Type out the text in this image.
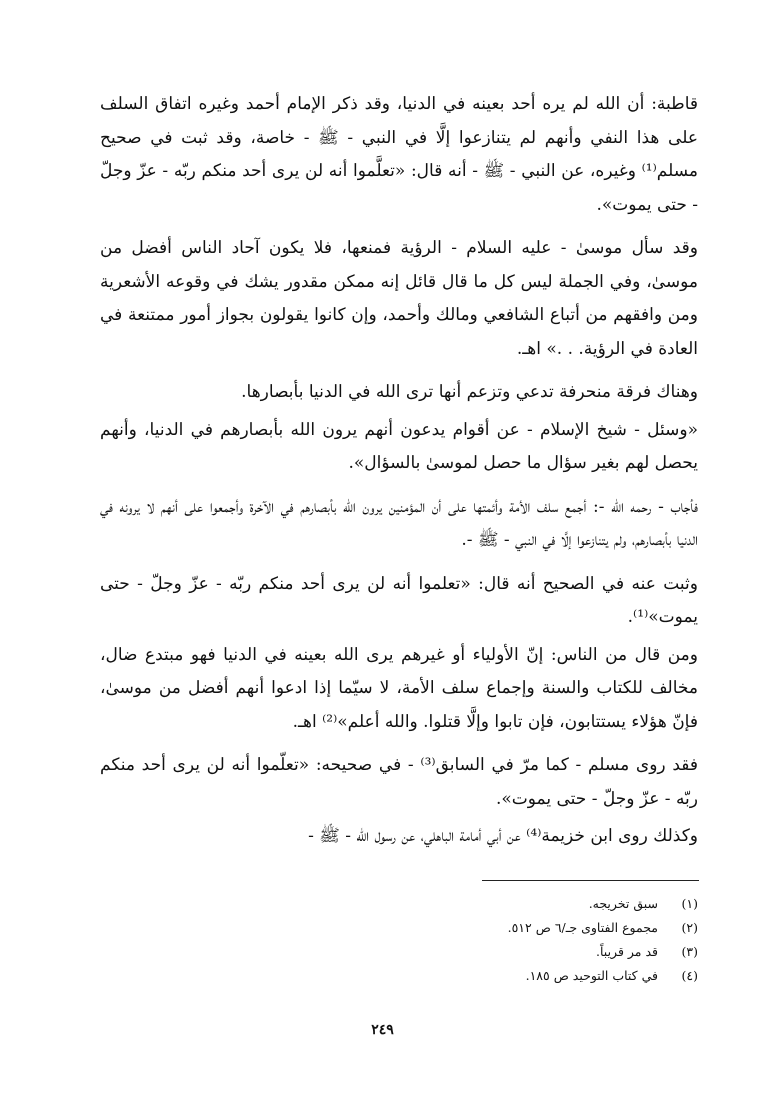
قاطبة: أن الله لم يره أحد بعينه في الدنيا، وقد ذكر الإمام أحمد وغيره اتفاق السلف على هذا النفي وأنهم لم يتنازعوا إلَّا في النبي - ﷺ - خاصة، وقد ثبت في صحيح مسلم⁽¹⁾ وغيره، عن النبي - ﷺ - أنه قال: «تعلَّموا أنه لن يرى أحد منكم ربّه - عزّ وجلّ - حتى يموت».

وقد سأل موسىٰ - عليه السلام - الرؤية فمنعها، فلا يكون آحاد الناس أفضل من موسىٰ، وفي الجملة ليس كل ما قال قائل إنه ممكن مقدور يشك في وقوعه الأشعرية ومن وافقهم من أتباع الشافعي ومالك وأحمد، وإن كانوا يقولون بجواز أمور ممتنعة في العادة في الرؤية. . .» اهـ.

وهناك فرقة منحرفة تدعي وتزعم أنها ترى الله في الدنيا بأبصارها.

«وسئل - شيخ الإسلام - عن أقوام يدعون أنهم يرون الله بأبصارهم في الدنيا، وأنهم يحصل لهم بغير سؤال ما حصل لموسىٰ بالسؤال».

فأجاب - رحمه الله -: أجمع سلف الأمة وأئمتها على أن المؤمنين يرون الله بأبصارهم في الآخرة وأجمعوا على أنهم لا يرونه في الدنيا بأبصارهم، ولم يتنازعوا إلَّا في النبي - ﷺ -.

وثبت عنه في الصحيح أنه قال: «تعلموا أنه لن يرى أحد منكم ربّه - عزّ وجلّ - حتى يموت»⁽¹⁾.

ومن قال من الناس: إنّ الأولياء أو غيرهم يرى الله بعينه في الدنيا فهو مبتدع ضال، مخالف للكتاب والسنة وإجماع سلف الأمة، لا سيّما إذا ادعوا أنهم أفضل من موسىٰ، فإنّ هؤلاء يستتابون، فإن تابوا وإلَّا قتلوا. والله أعلم»⁽²⁾ اهـ.

فقد روى مسلم - كما مرّ في السابق⁽³⁾ - في صحيحه: «تعلّموا أنه لن يرى أحد منكم ربّه - عزّ وجلّ - حتى يموت».

وكذلك روى ابن خزيمة⁽⁴⁾ عن أبي أمامة الباهلي، عن رسول الله - ﷺ -

(١)
سبق تخريجه.
(٢)
مجموع الفتاوى جـ/٦ ص ٥١٢.
(٣)
قد مر قريباً.
(٤)
في كتاب التوحيد ص ١٨٥.
٢٤٩
